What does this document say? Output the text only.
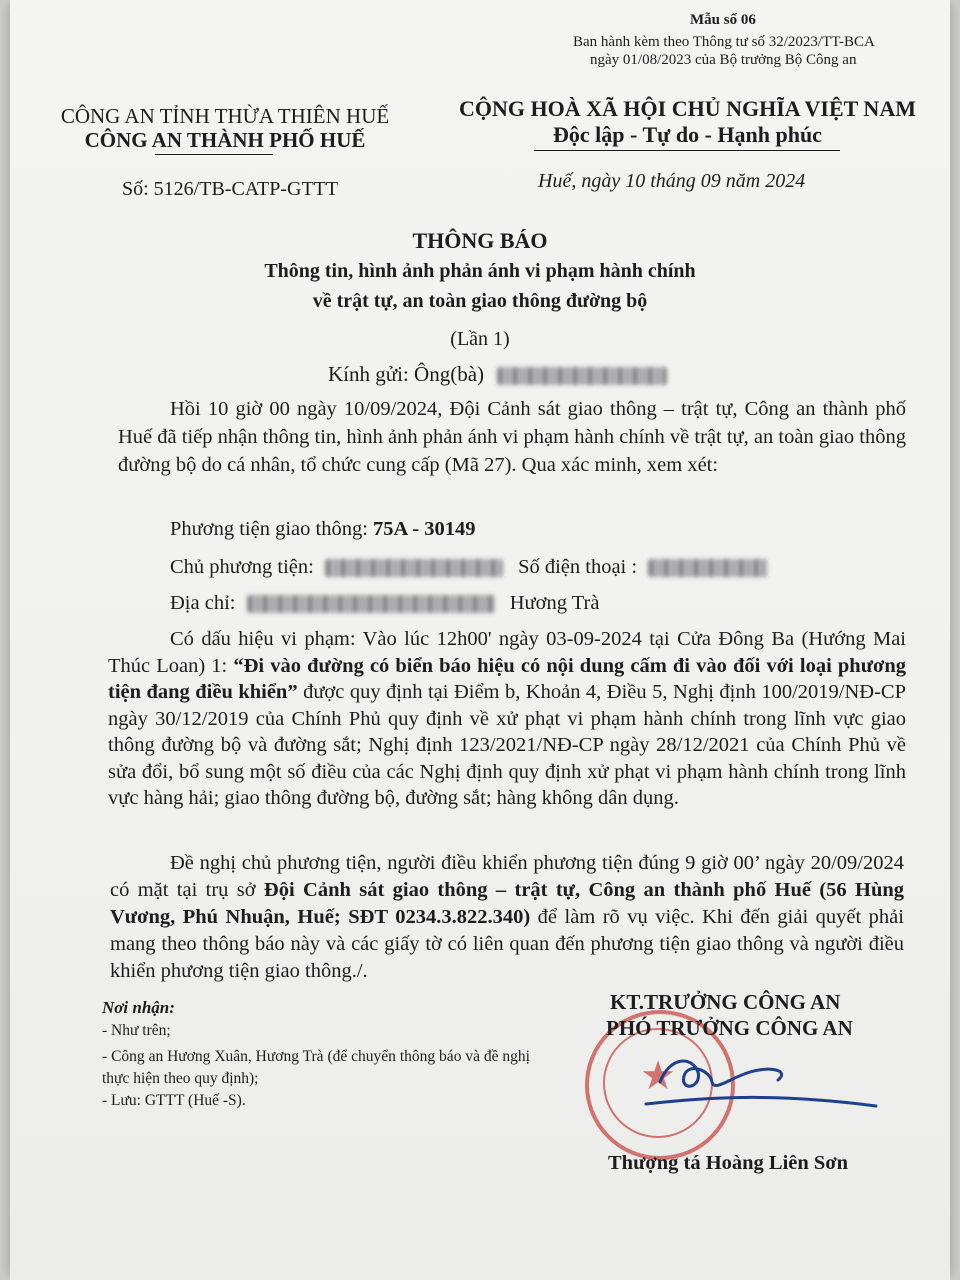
Mẫu số 06
Ban hành kèm theo Thông tư số 32/2023/TT-BCA
ngày 01/08/2023 của Bộ trưởng Bộ Công an
CÔNG AN TỈNH THỪA THIÊN HUẾ
CÔNG AN THÀNH PHỐ HUẾ
Số: 5126/TB-CATP-GTTT
CỘNG HOÀ XÃ HỘI CHỦ NGHĨA VIỆT NAM
Độc lập - Tự do - Hạnh phúc
Huế, ngày 10 tháng 09 năm 2024
THÔNG BÁO
Thông tin, hình ảnh phản ánh vi phạm hành chính
về trật tự, an toàn giao thông đường bộ
(Lần 1)
Kính gửi: Ông(bà)
Hồi 10 giờ 00 ngày 10/09/2024, Đội Cảnh sát giao thông – trật tự, Công an thành phố Huế đã tiếp nhận thông tin, hình ảnh phản ánh vi phạm hành chính về trật tự, an toàn giao thông đường bộ do cá nhân, tổ chức cung cấp (Mã 27). Qua xác minh, xem xét:
Phương tiện giao thông: 75A - 30149
Chủ phương tiện:	Số điện thoại :
Địa chỉ:	Hương Trà
Có dấu hiệu vi phạm: Vào lúc 12h00' ngày 03-09-2024 tại Cửa Đông Ba (Hướng Mai Thúc Loan) 1: “Đi vào đường có biển báo hiệu có nội dung cấm đi vào đối với loại phương tiện đang điều khiển” được quy định tại Điểm b, Khoản 4, Điều 5, Nghị định 100/2019/NĐ-CP ngày 30/12/2019 của Chính Phủ quy định về xử phạt vi phạm hành chính trong lĩnh vực giao thông đường bộ và đường sắt; Nghị định 123/2021/NĐ-CP ngày 28/12/2021 của Chính Phủ về sửa đổi, bổ sung một số điều của các Nghị định quy định xử phạt vi phạm hành chính trong lĩnh vực hàng hải; giao thông đường bộ, đường sắt; hàng không dân dụng.
Đề nghị chủ phương tiện, người điều khiển phương tiện đúng 9 giờ 00’ ngày 20/09/2024 có mặt tại trụ sở Đội Cảnh sát giao thông – trật tự, Công an thành phố Huế (56 Hùng Vương, Phú Nhuận, Huế; SĐT 0234.3.822.340) để làm rõ vụ việc. Khi đến giải quyết phải mang theo thông báo này và các giấy tờ có liên quan đến phương tiện giao thông và người điều khiển phương tiện giao thông./.
Nơi nhận:
- Như trên;
- Công an Hương Xuân, Hương Trà (để chuyển thông báo và đề nghị thực hiện theo quy định);
- Lưu: GTTT (Huế -S).
★
KT.TRƯỞNG CÔNG AN
PHÓ TRƯỞNG CÔNG AN
Thượng tá Hoàng Liên Sơn
